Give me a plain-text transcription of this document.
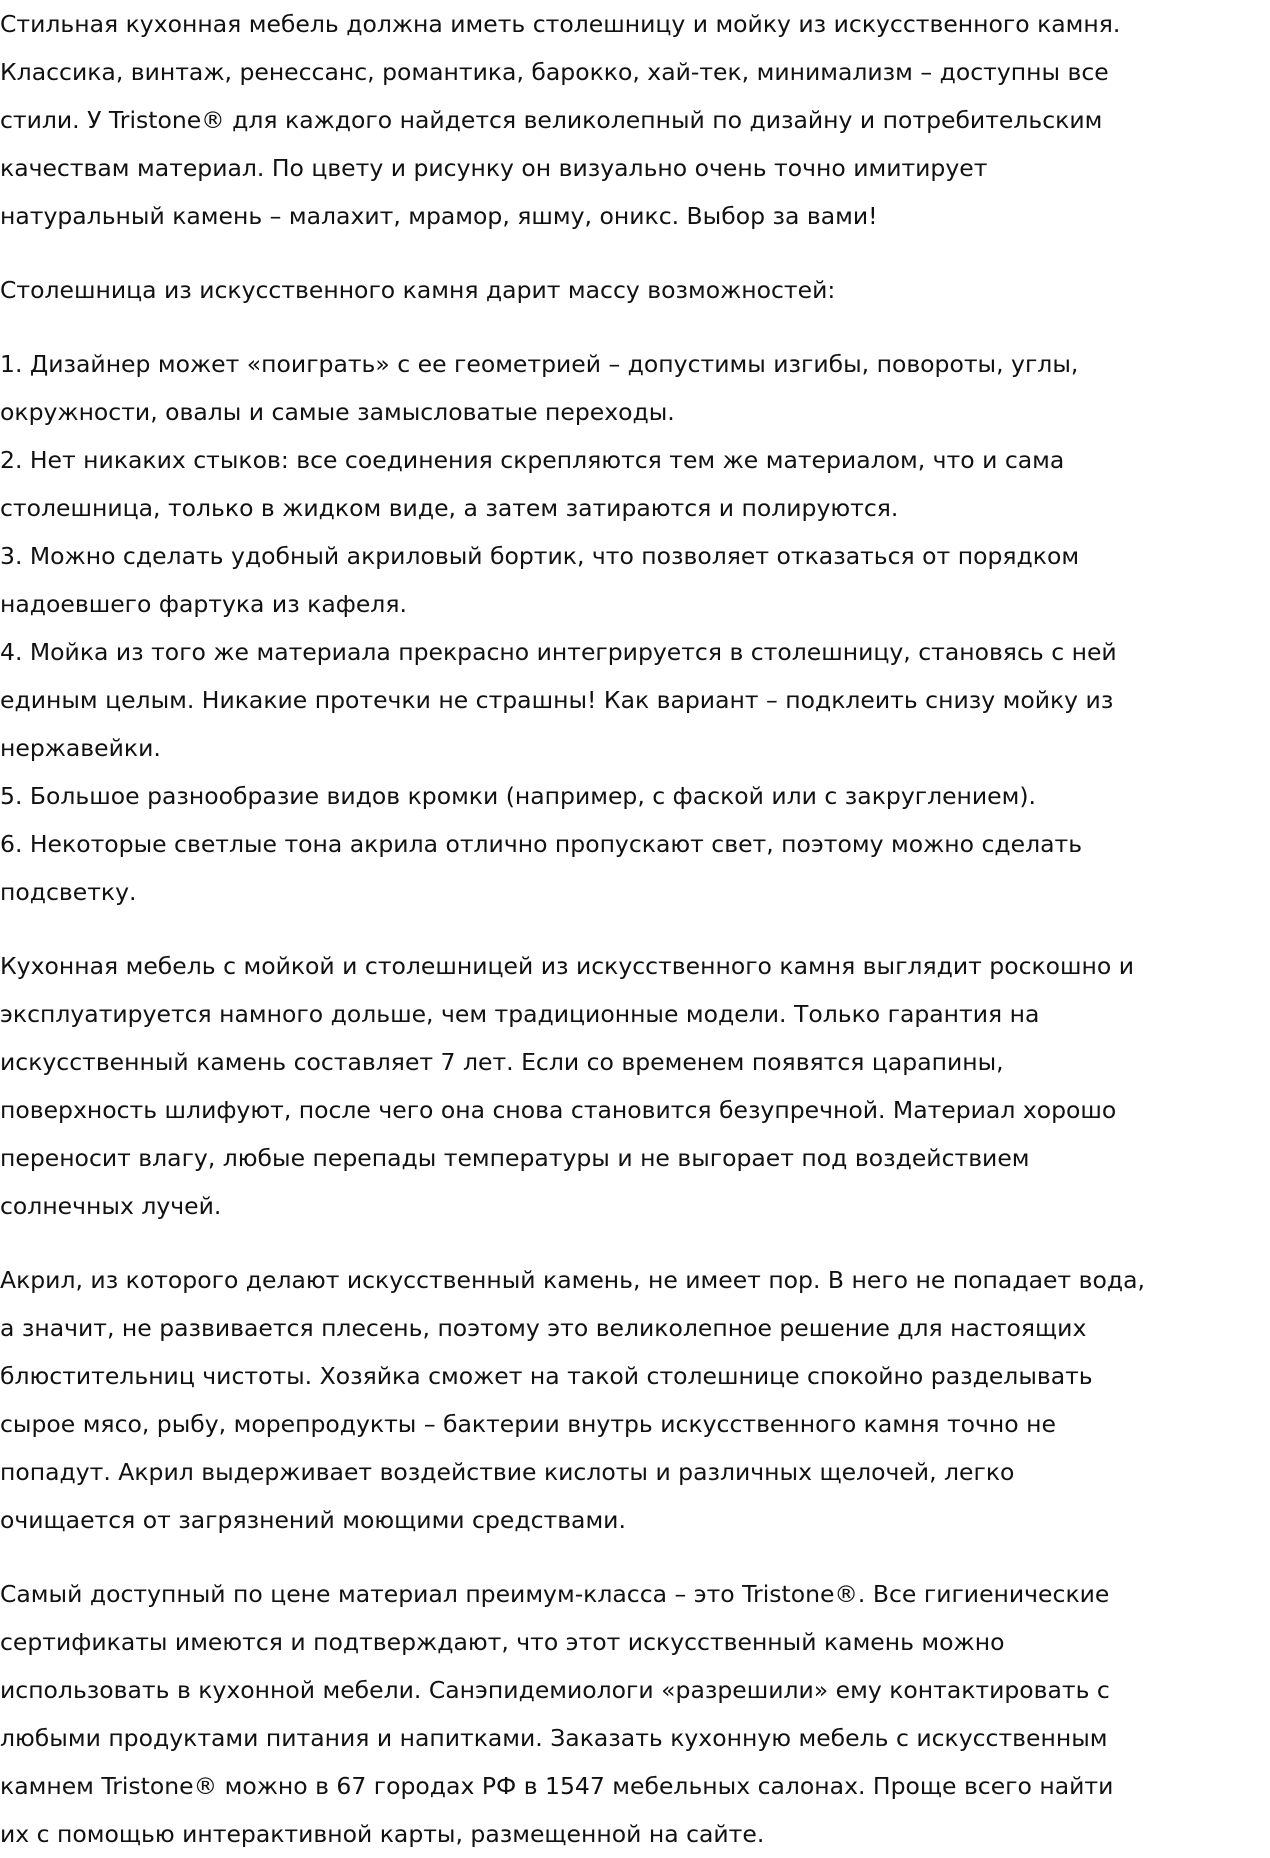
Стильная кухонная мебель должна иметь столешницу и мойку из искусственного камня.
Классика, винтаж, ренессанс, романтика, барокко, хай-тек, минимализм – доступны все
стили. У Tristone® для каждого найдется великолепный по дизайну и потребительским
качествам материал. По цвету и рисунку он визуально очень точно имитирует
натуральный камень – малахит, мрамор, яшму, оникс. Выбор за вами!
Столешница из искусственного камня дарит массу возможностей:
1. Дизайнер может «поиграть» с ее геометрией – допустимы изгибы, повороты, углы,
окружности, овалы и самые замысловатые переходы.
2. Нет никаких стыков: все соединения скрепляются тем же материалом, что и сама
столешница, только в жидком виде, а затем затираются и полируются.
3. Можно сделать удобный акриловый бортик, что позволяет отказаться от порядком
надоевшего фартука из кафеля.
4. Мойка из того же материала прекрасно интегрируется в столешницу, становясь с ней
единым целым. Никакие протечки не страшны! Как вариант – подклеить снизу мойку из
нержавейки.
5. Большое разнообразие видов кромки (например, с фаской или с закруглением).
6. Некоторые светлые тона акрила отлично пропускают свет, поэтому можно сделать
подсветку.
Кухонная мебель с мойкой и столешницей из искусственного камня выглядит роскошно и
эксплуатируется намного дольше, чем традиционные модели. Только гарантия на
искусственный камень составляет 7 лет. Если со временем появятся царапины,
поверхность шлифуют, после чего она снова становится безупречной. Материал хорошо
переносит влагу, любые перепады температуры и не выгорает под воздействием
солнечных лучей.
Акрил, из которого делают искусственный камень, не имеет пор. В него не попадает вода,
а значит, не развивается плесень, поэтому это великолепное решение для настоящих
блюстительниц чистоты. Хозяйка сможет на такой столешнице спокойно разделывать
сырое мясо, рыбу, морепродукты – бактерии внутрь искусственного камня точно не
попадут. Акрил выдерживает воздействие кислоты и различных щелочей, легко
очищается от загрязнений моющими средствами.
Самый доступный по цене материал преимум-класса – это Tristone®. Все гигиенические
сертификаты имеются и подтверждают, что этот искусственный камень можно
использовать в кухонной мебели. Санэпидемиологи «разрешили» ему контактировать с
любыми продуктами питания и напитками. Заказать кухонную мебель с искусственным
камнем Tristone® можно в 67 городах РФ в 1547 мебельных салонах. Проще всего найти
их с помощью интерактивной карты, размещенной на сайте.
